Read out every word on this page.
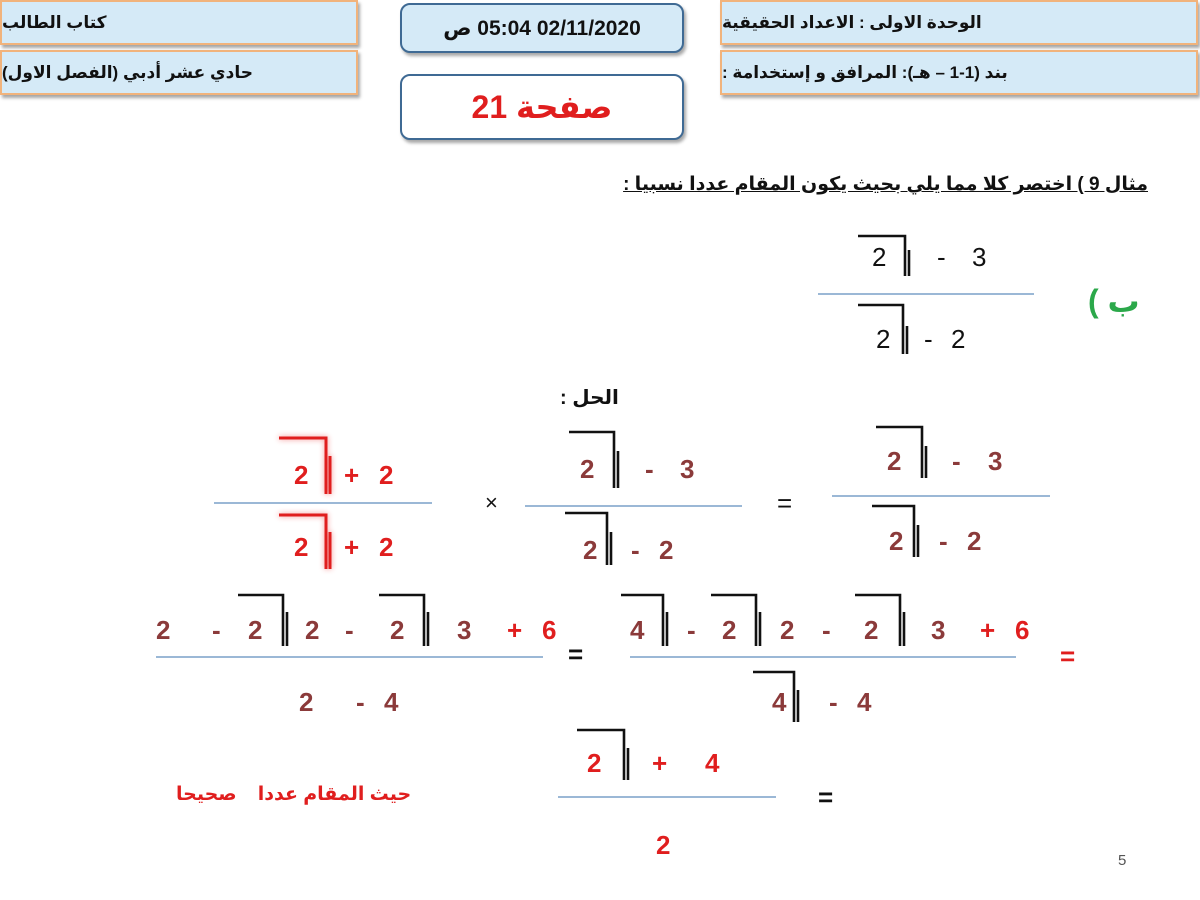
كتاب الطالب
حادي عشر أدبي (الفصل الاول)
02/11/2020 05:04 ص
صفحة 21
الوحدة الاولى : الاعداد الحقيقية
بند (1-1 – هـ): المرافق و إستخدامة :
مثال 9 ) اختصر كلا مما يلي بحيث يكون المقام عددا نسبيا :
ب )
3
-
2
2
-
2
الحل :
3
-
2
2
-
2
=
3
-
2
2
-
2
×
2
+
2
2
+
2
=
6
+
3
2
-
2
2
-
4
4
-
4
=
6
+
3
2
-
2
2
-
2
4
-
2
=
4
+
2
2
حيث المقام عددا    صحيحا
5
